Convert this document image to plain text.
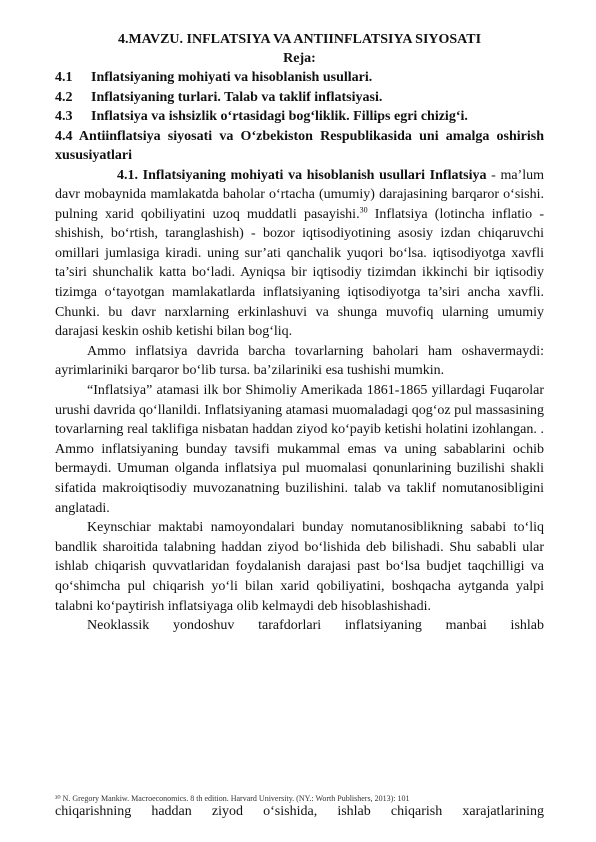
4.MAVZU. INFLATSIYA VA ANTIINFLATSIYA SIYOSATI

Reja:

4.1 Inflatsiyaning mohiyati va hisoblanish usullari.

4.2 Inflatsiyaning turlari. Talab va taklif inflatsiyasi.

4.3 Inflatsiya va ishsizlik o‘rtasidagi bog‘liklik. Fillips egri chizig‘i.

4.4 Antiinflatsiya siyosati va O‘zbekiston Respublikasida uni amalga oshirish xususiyatlari

4.1. Inflatsiyaning mohiyati va hisoblanish usullari Inflatsiya - ma’lum davr mobaynida mamlakatda baholar o‘rtacha (umumiy) darajasining barqaror o‘sishi. pulning xarid qobiliyatini uzoq muddatli pasayishi.$^{30}$ Inflatsiya (lotincha inflatio - shishish, bo‘rtish, taranglashish) - bozor iqtisodiyotining asosiy izdan chiqaruvchi omillari jumlasiga kiradi. uning sur’ati qanchalik yuqori bo‘lsa. iqtisodiyotga xavfli ta’siri shunchalik katta bo‘ladi. Ayniqsa bir iqtisodiy tizimdan ikkinchi bir iqtisodiy tizimga o‘tayotgan mamlakatlarda inflatsiyaning iqtisodiyotga ta’siri ancha xavfli. Chunki. bu davr narxlarning erkinlashuvi va shunga muvofiq ularning umumiy darajasi keskin oshib ketishi bilan bog‘liq.

Ammo inflatsiya davrida barcha tovarlarning baholari ham oshavermaydi: ayrimlariniki barqaror bo‘lib tursa. ba’zilariniki esa tushishi mumkin.

“Inflatsiya” atamasi ilk bor Shimoliy Amerikada 1861-1865 yillardagi Fuqarolar urushi davrida qo‘llanildi. Inflatsiyaning atamasi muomaladagi qog‘oz pul massasining tovarlarning real taklifiga nisbatan haddan ziyod ko‘payib ketishi holatini izohlangan. . Ammo inflatsiyaning bunday tavsifi mukammal emas va uning sabablarini ochib bermaydi. Umuman olganda inflatsiya pul muomalasi qonunlarining buzilishi shakli sifatida makroiqtisodiy muvozanatning buzilishini. talab va taklif nomutanosibligini anglatadi.

Keynschiar maktabi namoyondalari bunday nomutanosiblikning sababi to‘liq bandlik sharoitida talabning haddan ziyod bo‘lishida deb bilishadi. Shu sababli ular ishlab chiqarish quvvatlaridan foydalanish darajasi past bo‘lsa budjet taqchilligi va qo‘shimcha pul chiqarish yo‘li bilan xarid qobiliyatini, boshqacha aytganda yalpi talabni ko‘paytirish inflatsiyaga olib kelmaydi deb hisoblashishadi.

Neoklassik yondoshuv tarafdorlari inflatsiyaning manbai ishlab

³⁰ N. Gregory Mankiw. Macroeconomics. 8 th edition. Harvard University. (NY.: Worth Publishers, 2013): 101
chiqarishning haddan ziyod o‘sishida, ishlab chiqarish xarajatlarining
